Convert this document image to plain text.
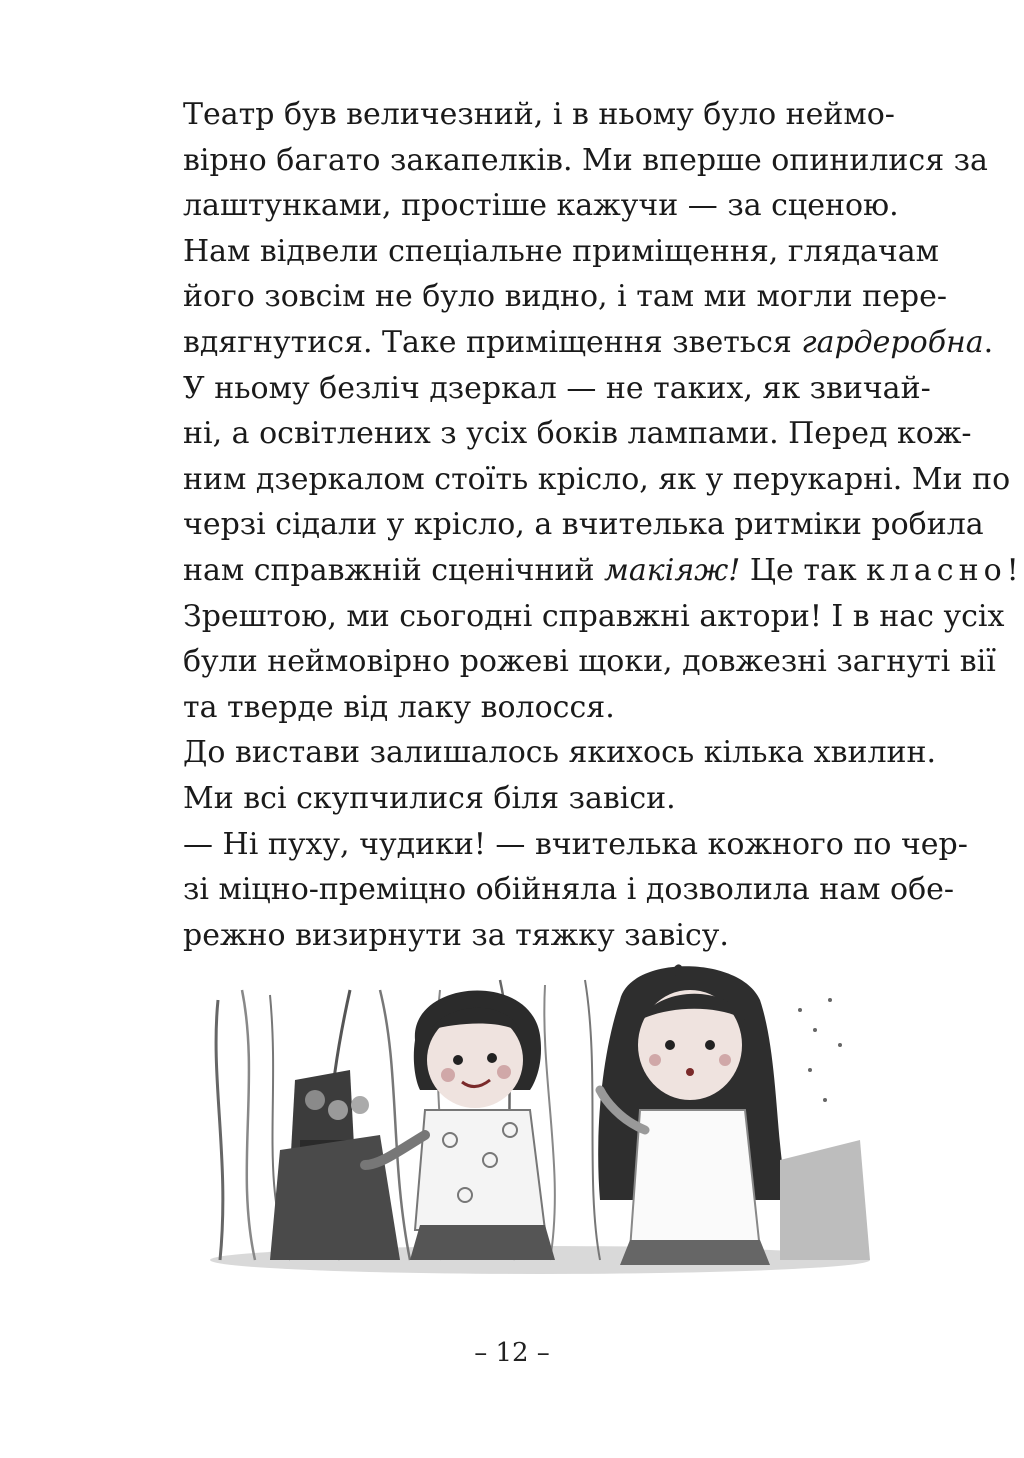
Театр був величезний, і в ньому було неймо-
вірно багато закапелків. Ми вперше опинилися за
лаштунками, простіше кажучи — за сценою.

Нам відвели спеціальне приміщення, глядачам
його зовсім не було видно, і там ми могли пере-
вдягнутися. Таке приміщення зветься гардеробна.
У ньому безліч дзеркал — не таких, як звичай-
ні, а освітлених з усіх боків лампами. Перед кож-
ним дзеркалом стоїть крісло, як у перукарні. Ми по
черзі сідали у крісло, а вчителька ритміки робила
нам справжній сценічний макіяж! Це так класно!
Зрештою, ми сьогодні справжні актори! І в нас усіх
були неймовірно рожеві щоки, довжезні загнуті вії
та тверде від лаку волосся.

До вистави залишалось якихось кілька хвилин.
Ми всі скупчилися біля завіси.

— Ні пуху, чудики! — вчителька кожного по чер-
зі міцно-преміцно обійняла і дозволила нам обе-
режно визирнути за тяжку завісу.

– 12 –
